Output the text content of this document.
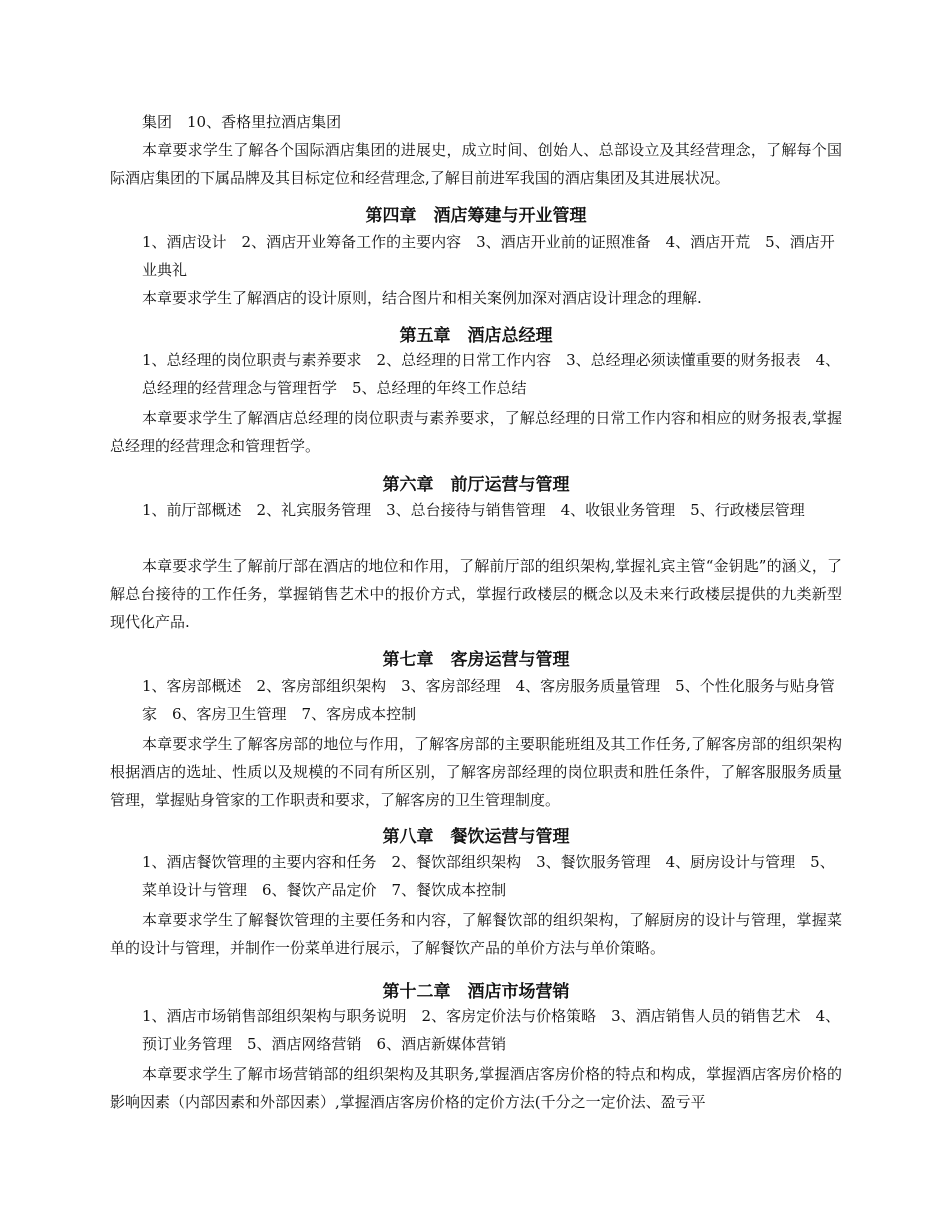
集团　10、香格里拉酒店集团

本章要求学生了解各个国际酒店集团的进展史，成立时间、创始人、总部设立及其经营理念，了解每个国际酒店集团的下属品牌及其目标定位和经营理念,了解目前进军我国的酒店集团及其进展状况。

第四章　酒店筹建与开业管理

1、酒店设计　2、酒店开业筹备工作的主要内容　3、酒店开业前的证照准备　4、酒店开荒　5、酒店开业典礼

本章要求学生了解酒店的设计原则，结合图片和相关案例加深对酒店设计理念的理解.

第五章　酒店总经理

1、总经理的岗位职责与素养要求　2、总经理的日常工作内容　3、总经理必须读懂重要的财务报表　4、总经理的经营理念与管理哲学　5、总经理的年终工作总结

本章要求学生了解酒店总经理的岗位职责与素养要求，了解总经理的日常工作内容和相应的财务报表,掌握总经理的经营理念和管理哲学。

第六章　前厅运营与管理

1、前厅部概述　2、礼宾服务管理　3、总台接待与销售管理　4、收银业务管理　5、行政楼层管理

本章要求学生了解前厅部在酒店的地位和作用，了解前厅部的组织架构,掌握礼宾主管“金钥匙”的涵义，了解总台接待的工作任务，掌握销售艺术中的报价方式，掌握行政楼层的概念以及未来行政楼层提供的九类新型现代化产品.

第七章　客房运营与管理

1、客房部概述　2、客房部组织架构　3、客房部经理　4、客房服务质量管理　5、个性化服务与贴身管家　6、客房卫生管理　7、客房成本控制

本章要求学生了解客房部的地位与作用，了解客房部的主要职能班组及其工作任务,了解客房部的组织架构根据酒店的选址、性质以及规模的不同有所区别，了解客房部经理的岗位职责和胜任条件，了解客服服务质量管理，掌握贴身管家的工作职责和要求，了解客房的卫生管理制度。

第八章　餐饮运营与管理

1、酒店餐饮管理的主要内容和任务　2、餐饮部组织架构　3、餐饮服务管理　4、厨房设计与管理　5、菜单设计与管理　6、餐饮产品定价　7、餐饮成本控制

本章要求学生了解餐饮管理的主要任务和内容，了解餐饮部的组织架构，了解厨房的设计与管理，掌握菜单的设计与管理，并制作一份菜单进行展示，了解餐饮产品的单价方法与单价策略。

第十二章　酒店市场营销

1、酒店市场销售部组织架构与职务说明　2、客房定价法与价格策略　3、酒店销售人员的销售艺术　4、预订业务管理　5、酒店网络营销　6、酒店新媒体营销

本章要求学生了解市场营销部的组织架构及其职务,掌握酒店客房价格的特点和构成，掌握酒店客房价格的影响因素（内部因素和外部因素）,掌握酒店客房价格的定价方法(千分之一定价法、盈亏平
